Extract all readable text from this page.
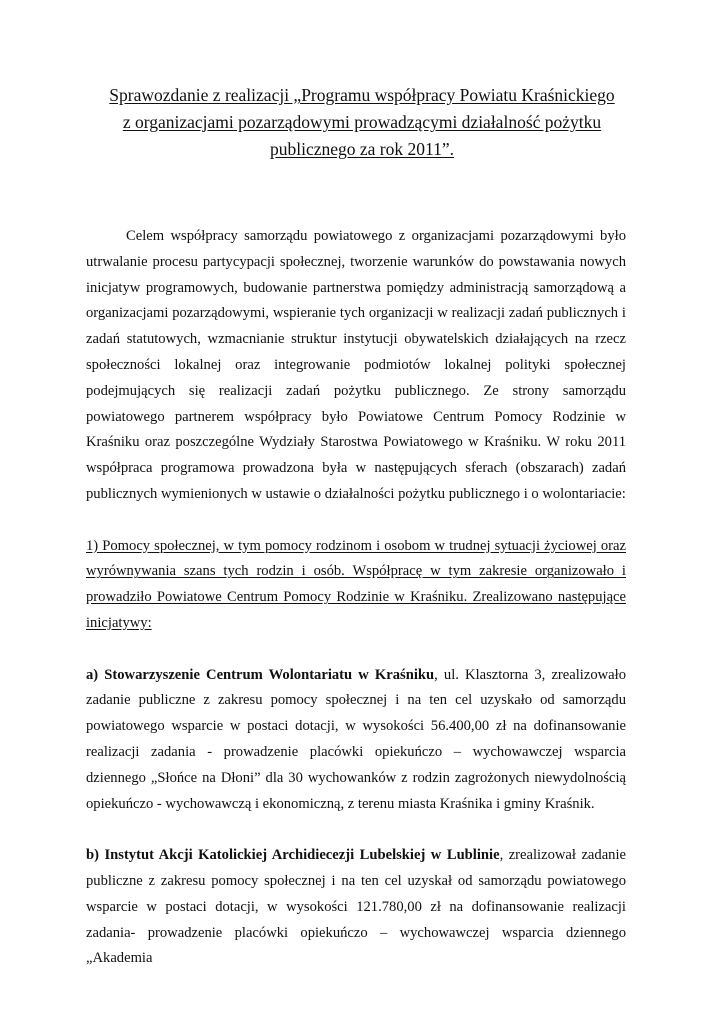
Sprawozdanie z realizacji „Programu współpracy Powiatu Kraśnickiego
z organizacjami pozarządowymi prowadzącymi działalność pożytku
publicznego za rok 2011”.

Celem współpracy samorządu powiatowego z organizacjami pozarządowymi było utrwalanie procesu partycypacji społecznej, tworzenie warunków do powstawania nowych inicjatyw programowych, budowanie partnerstwa pomiędzy administracją samorządową a organizacjami pozarządowymi, wspieranie tych organizacji w realizacji zadań publicznych i zadań statutowych, wzmacnianie struktur instytucji obywatelskich działających na rzecz społeczności lokalnej oraz integrowanie podmiotów lokalnej polityki społecznej podejmujących się realizacji zadań pożytku publicznego. Ze strony samorządu powiatowego partnerem współpracy było Powiatowe Centrum Pomocy Rodzinie w Kraśniku oraz poszczególne Wydziały Starostwa Powiatowego w Kraśniku. W roku 2011 współpraca programowa prowadzona była w następujących sferach (obszarach) zadań publicznych wymienionych w ustawie o działalności pożytku publicznego i o wolontariacie:

1) Pomocy społecznej, w tym pomocy rodzinom i osobom w trudnej sytuacji życiowej oraz wyrównywania szans tych rodzin i osób. Współpracę w tym zakresie organizowało i prowadziło Powiatowe Centrum Pomocy Rodzinie w Kraśniku. Zrealizowano następujące inicjatywy:

a) Stowarzyszenie Centrum Wolontariatu w Kraśniku, ul. Klasztorna 3, zrealizowało zadanie publiczne z zakresu pomocy społecznej i na ten cel uzyskało od samorządu powiatowego wsparcie w postaci dotacji, w wysokości 56.400,00 zł na dofinansowanie realizacji zadania - prowadzenie placówki opiekuńczo – wychowawczej wsparcia dziennego „Słońce na Dłoni” dla 30 wychowanków z rodzin zagrożonych niewydolnością opiekuńczo - wychowawczą i ekonomiczną, z terenu miasta Kraśnika i gminy Kraśnik.

b) Instytut Akcji Katolickiej Archidiecezji Lubelskiej w Lublinie, zrealizował zadanie publiczne z zakresu pomocy społecznej i na ten cel uzyskał od samorządu powiatowego wsparcie w postaci dotacji, w wysokości 121.780,00 zł na dofinansowanie realizacji zadania- prowadzenie placówki opiekuńczo – wychowawczej wsparcia dziennego „Akademia
